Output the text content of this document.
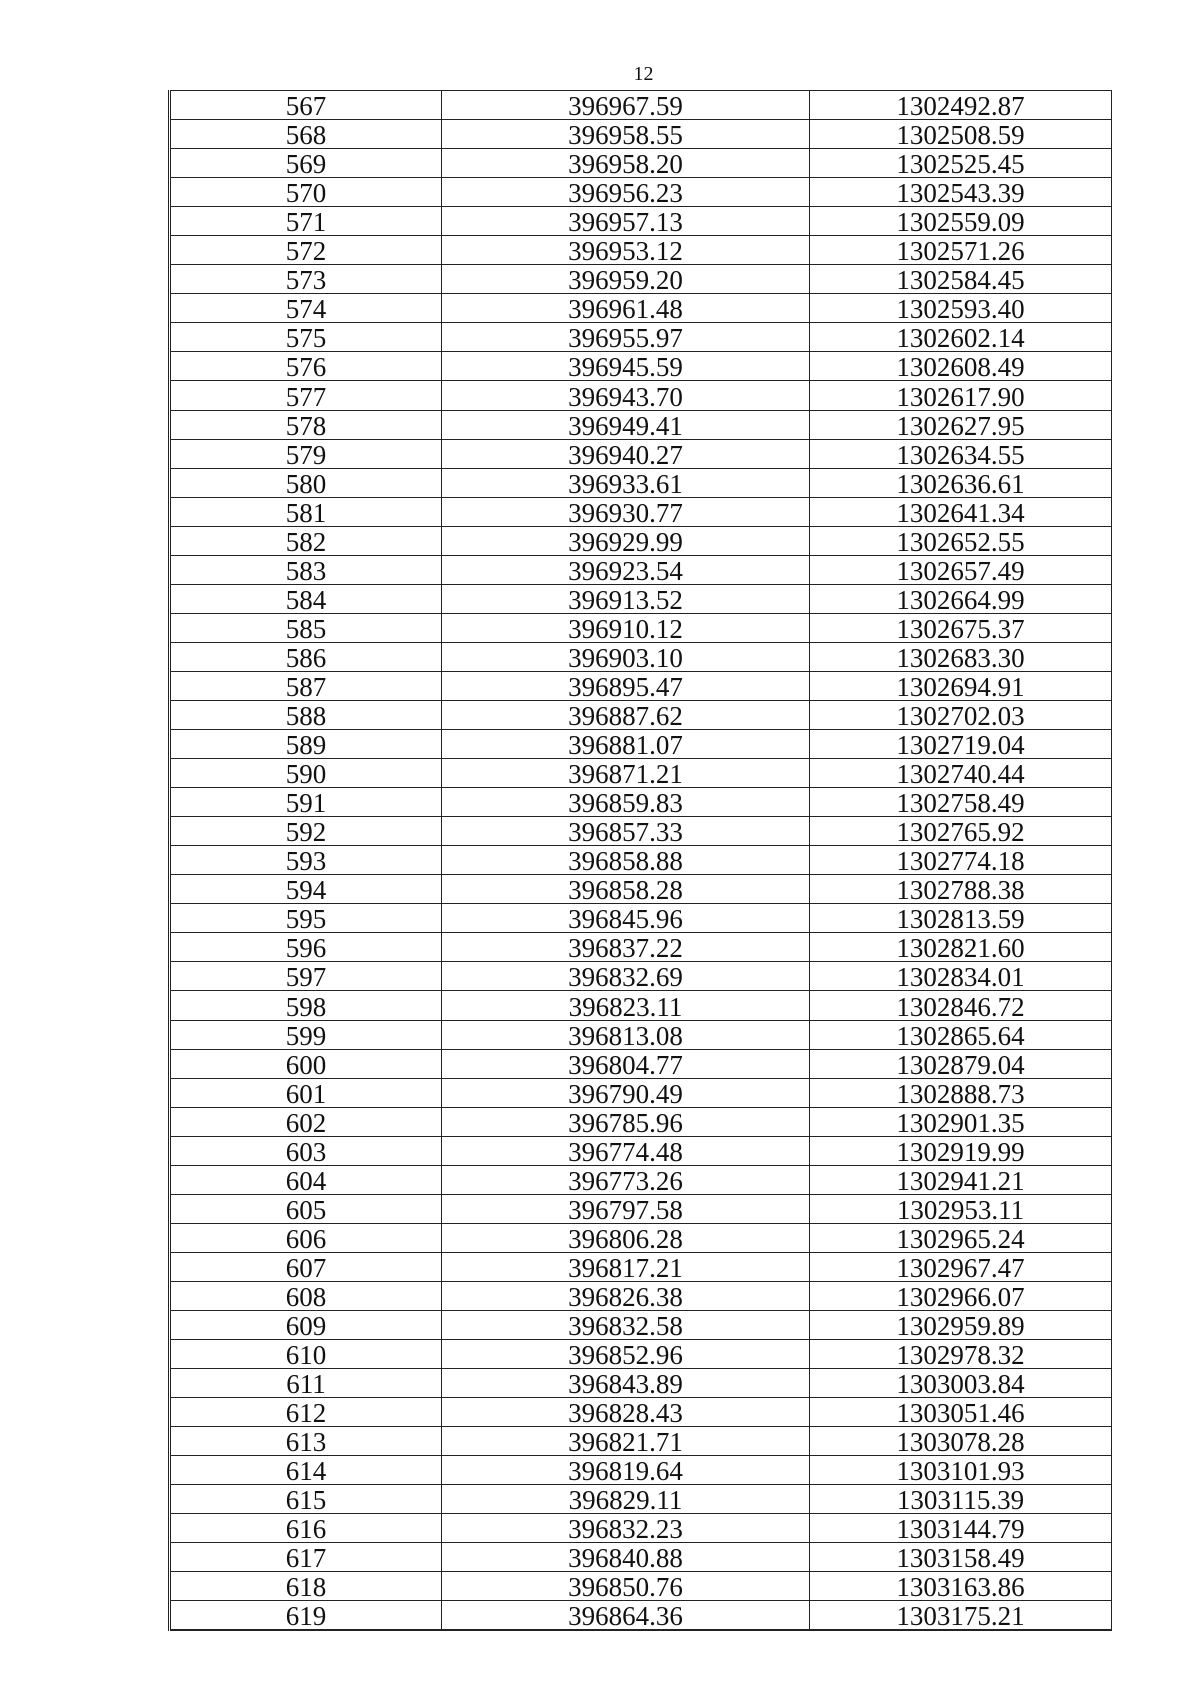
12
567	396967.59	1302492.87
568	396958.55	1302508.59
569	396958.20	1302525.45
570	396956.23	1302543.39
571	396957.13	1302559.09
572	396953.12	1302571.26
573	396959.20	1302584.45
574	396961.48	1302593.40
575	396955.97	1302602.14
576	396945.59	1302608.49
577	396943.70	1302617.90
578	396949.41	1302627.95
579	396940.27	1302634.55
580	396933.61	1302636.61
581	396930.77	1302641.34
582	396929.99	1302652.55
583	396923.54	1302657.49
584	396913.52	1302664.99
585	396910.12	1302675.37
586	396903.10	1302683.30
587	396895.47	1302694.91
588	396887.62	1302702.03
589	396881.07	1302719.04
590	396871.21	1302740.44
591	396859.83	1302758.49
592	396857.33	1302765.92
593	396858.88	1302774.18
594	396858.28	1302788.38
595	396845.96	1302813.59
596	396837.22	1302821.60
597	396832.69	1302834.01
598	396823.11	1302846.72
599	396813.08	1302865.64
600	396804.77	1302879.04
601	396790.49	1302888.73
602	396785.96	1302901.35
603	396774.48	1302919.99
604	396773.26	1302941.21
605	396797.58	1302953.11
606	396806.28	1302965.24
607	396817.21	1302967.47
608	396826.38	1302966.07
609	396832.58	1302959.89
610	396852.96	1302978.32
611	396843.89	1303003.84
612	396828.43	1303051.46
613	396821.71	1303078.28
614	396819.64	1303101.93
615	396829.11	1303115.39
616	396832.23	1303144.79
617	396840.88	1303158.49
618	396850.76	1303163.86
619	396864.36	1303175.21
